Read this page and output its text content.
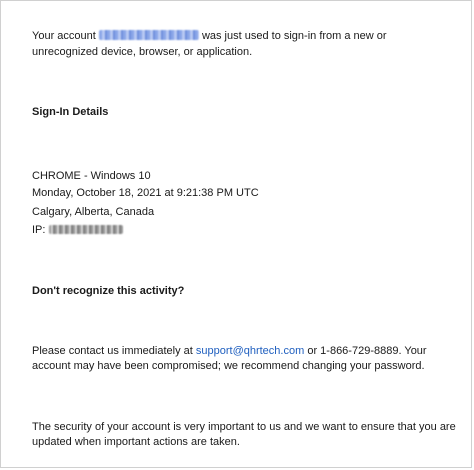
Your account	was just used to sign-in from a new or
unrecognized device, browser, or application.
Sign-In Details
CHROME - Windows 10
Monday, October 18, 2021 at 9:21:38 PM UTC
Calgary, Alberta, Canada
IP:
Don't recognize this activity?
Please contact us immediately at support@qhrtech.com or 1-866-729-8889. Your
account may have been compromised; we recommend changing your password.
The security of your account is very important to us and we want to ensure that you are
updated when important actions are taken.
